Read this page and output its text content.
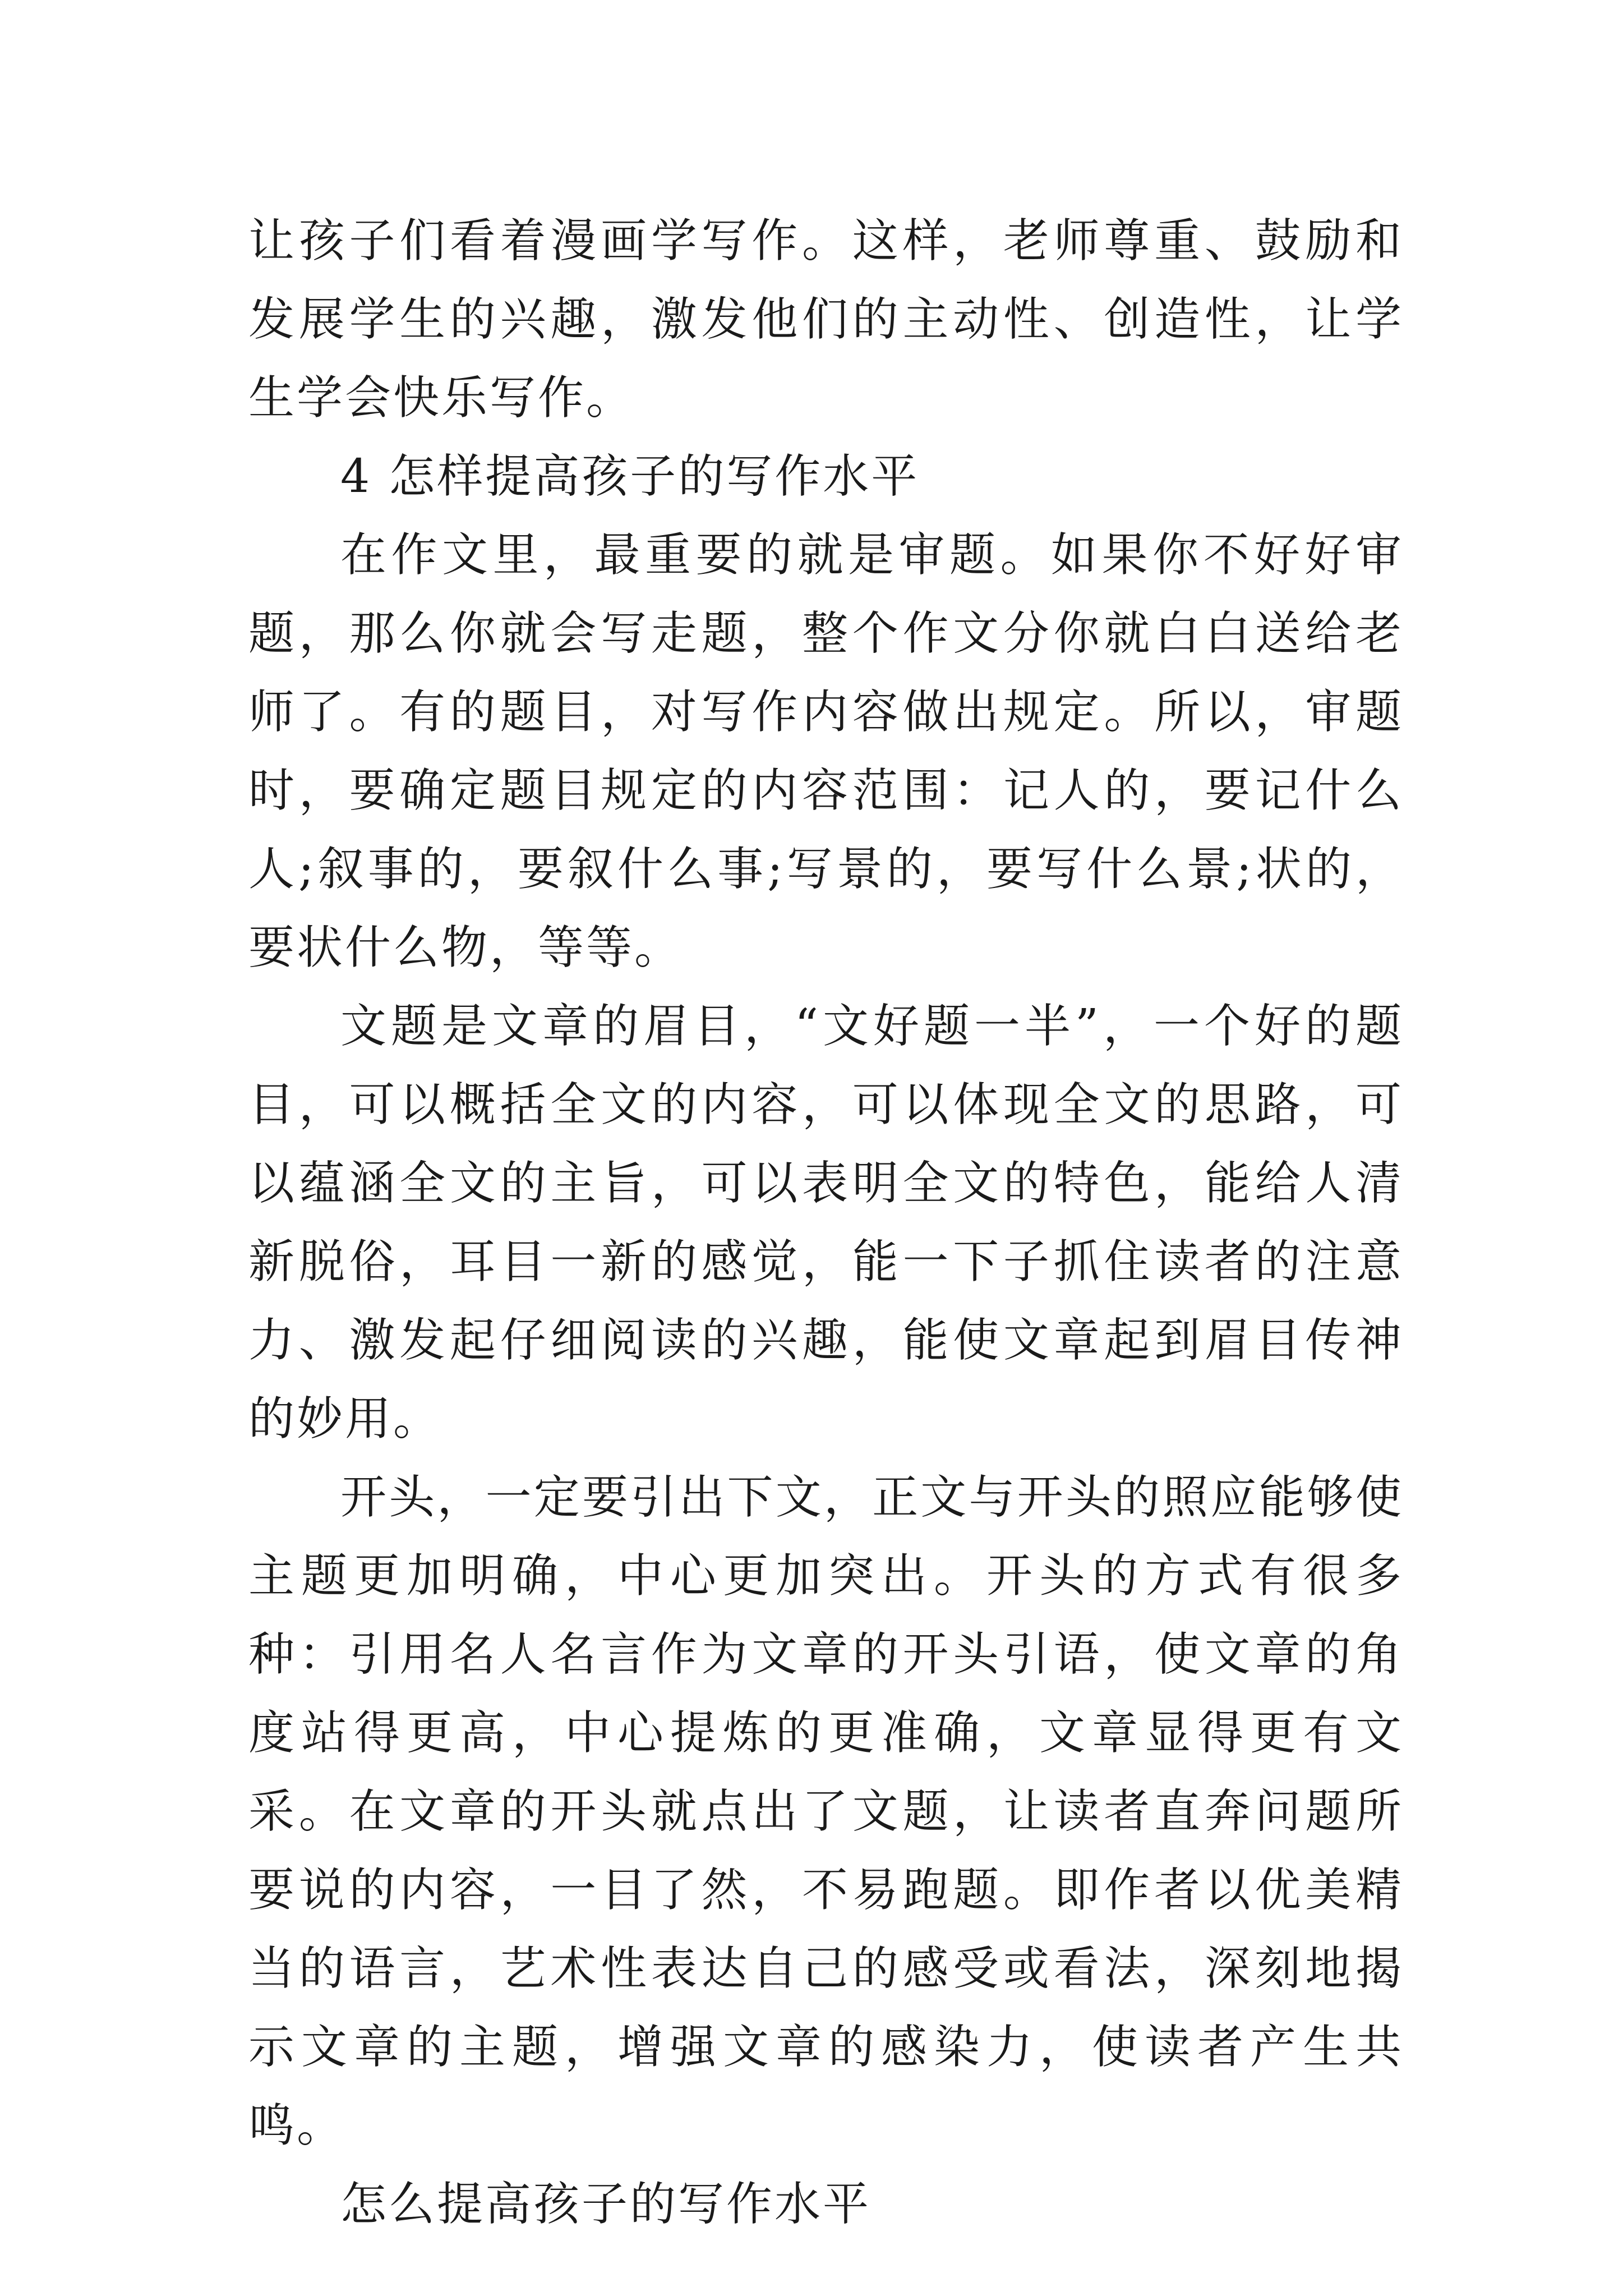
让孩子们看着漫画学写作。这样，老师尊重、鼓励和发展学生的兴趣，激发他们的主动性、创造性，让学生学会快乐写作。

4 怎样提高孩子的写作水平

在作文里，最重要的就是审题。如果你不好好审题，那么你就会写走题，整个作文分你就白白送给老师了。有的题目，对写作内容做出规定。所以，审题时，要确定题目规定的内容范围：记人的，要记什么人;叙事的，要叙什么事;写景的，要写什么景;状的，要状什么物，等等。

文题是文章的眉目，“文好题一半”，一个好的题目，可以概括全文的内容，可以体现全文的思路，可以蕴涵全文的主旨，可以表明全文的特色，能给人清新脱俗，耳目一新的感觉，能一下子抓住读者的注意力、激发起仔细阅读的兴趣，能使文章起到眉目传神的妙用。

开头，一定要引出下文，正文与开头的照应能够使主题更加明确，中心更加突出。开头的方式有很多种：引用名人名言作为文章的开头引语，使文章的角度站得更高，中心提炼的更准确，文章显得更有文采。在文章的开头就点出了文题，让读者直奔问题所要说的内容，一目了然，不易跑题。即作者以优美精当的语言，艺术性表达自己的感受或看法，深刻地揭示文章的主题，增强文章的感染力，使读者产生共鸣。

怎么提高孩子的写作水平
